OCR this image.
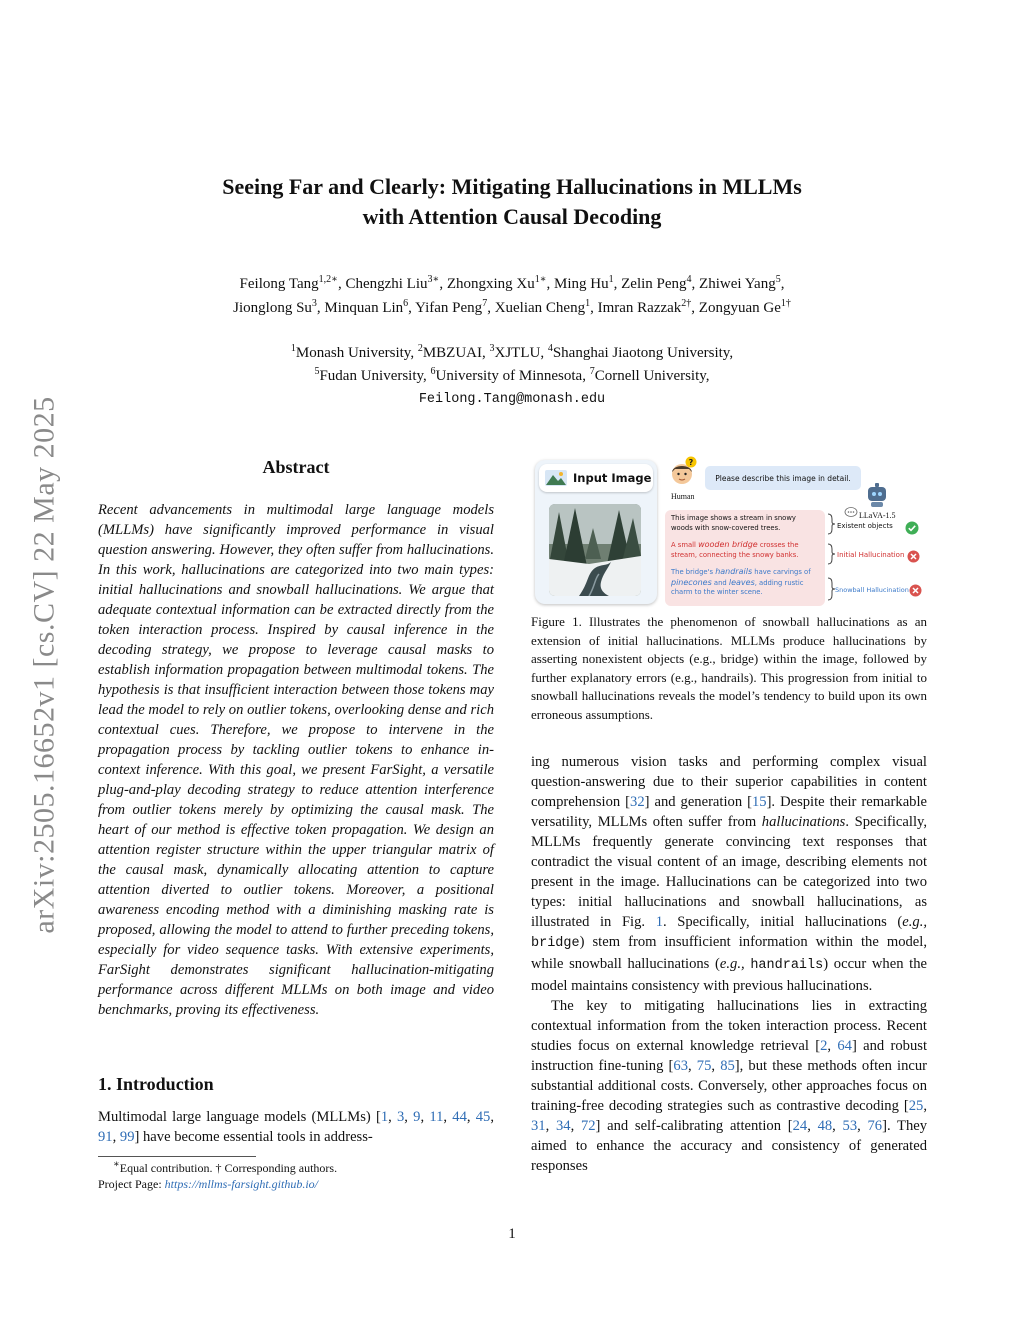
arXiv:2505.16652v1 [cs.CV] 22 May 2025
Seeing Far and Clearly: Mitigating Hallucinations in MLLMs
with Attention Causal Decoding
Feilong Tang$^{1,2∗}$, Chengzhi Liu$^{3∗}$, Zhongxing $Xu^{1∗}$, Ming Hu$^1$, Zelin Peng$^4$, Zhiwei Yang$^5$,
Jionglong Su$^3$, Minquan Lin$^6$, Yifan Peng$^7$, Xuelian Cheng$^1$, Imran Razzak$^{2\dagger}$, Zongyuan $Ge^{1\dagger}$
$^1$Monash University, $^2$MBZUAI, $^3$XJTLU, $^4$Shanghai Jiaotong University,
$^5$Fudan University, $^6$University of Minnesota, $^7$Cornell University,
Feilong.Tang@monash.edu
Abstract
Recent advancements in multimodal large language models (MLLMs) have significantly improved performance in visual question answering. However, they often suffer from hallucinations. In this work, hallucinations are categorized into two main types: initial hallucinations and snowball hallucinations. We argue that adequate contextual information can be extracted directly from the token interaction process. Inspired by causal inference in the decoding strategy, we propose to leverage causal masks to establish information propagation between multimodal tokens. The hypothesis is that insufficient interaction between those tokens may lead the model to rely on outlier tokens, overlooking dense and rich contextual cues. Therefore, we propose to intervene in the propagation process by tackling outlier tokens to enhance in-context inference. With this goal, we present FarSight, a versatile plug-and-play decoding strategy to reduce attention interference from outlier tokens merely by optimizing the causal mask. The heart of our method is effective token propagation. We design an attention register structure within the upper triangular matrix of the causal mask, dynamically allocating attention to capture attention diverted to outlier tokens. Moreover, a positional awareness encoding method with a diminishing masking rate is proposed, allowing the model to attend to further preceding tokens, especially for video sequence tasks. With extensive experiments, FarSight demonstrates significant hallucination-mitigating performance across different MLLMs on both image and video benchmarks, proving its effectiveness.
1. Introduction
Multimodal large language models (MLLMs) [1, 3, 9, 11, 44, 45, 91, 99] have become essential tools in address-
∗Equal contribution. † Corresponding authors.
Project Page: https://mllms-farsight.github.io/
Input Image
?
Human
Please describe this image in detail.
LLaVA-1.5

This image shows a stream in snowy woods with snow-covered trees.

A small wooden bridge crosses the stream, connecting the snowy banks.

The bridge's handrails have carvings of pinecones and leaves, adding rustic charm to the winter scene.

Existent objects
Initial Hallucination
Snowball Hallucination
Figure 1. Illustrates the phenomenon of snowball hallucinations as an extension of initial hallucinations. MLLMs produce hallucinations by asserting nonexistent objects (e.g., bridge) within the image, followed by further explanatory errors (e.g., handrails). This progression from initial to snowball hallucinations reveals the model’s tendency to build upon its own erroneous assumptions.

ing numerous vision tasks and performing complex visual question-answering due to their superior capabilities in content comprehension [32] and generation [15]. Despite their remarkable versatility, MLLMs often suffer from hallucinations. Specifically, MLLMs frequently generate convincing text responses that contradict the visual content of an image, describing elements not present in the image. Hallucinations can be categorized into two types: initial hallucinations and snowball hallucinations, as illustrated in Fig. 1. Specifically, initial hallucinations (e.g., bridge) stem from insufficient information within the model, while snowball hallucinations (e.g., handrails) occur when the model maintains consistency with previous hallucinations.

The key to mitigating hallucinations lies in extracting contextual information from the token interaction process. Recent studies focus on external knowledge retrieval [2, 64] and robust instruction fine-tuning [63, 75, 85], but these methods often incur substantial additional costs. Conversely, other approaches focus on training-free decoding strategies such as contrastive decoding [25, 31, 34, 72] and self-calibrating attention [24, 48, 53, 76]. They aimed to enhance the accuracy and consistency of generated responses

1
